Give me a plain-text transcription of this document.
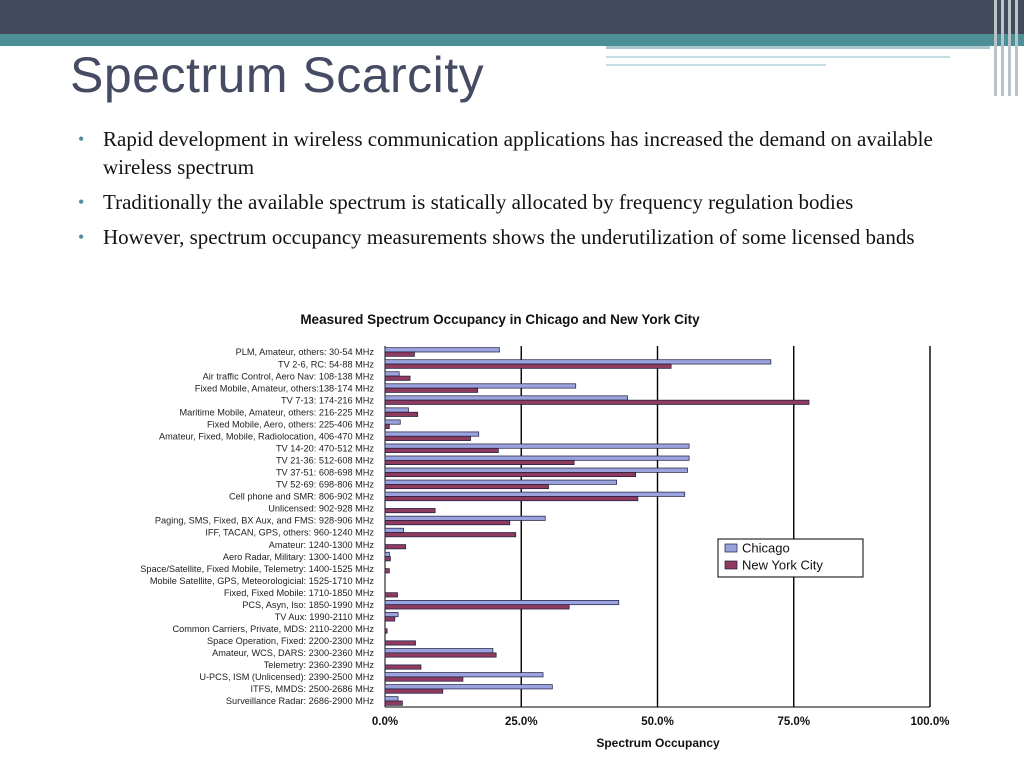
Spectrum Scarcity
• Rapid development in wireless communication applications has increased the demand on available wireless spectrum
• Traditionally the available spectrum is statically allocated by frequency regulation bodies
• However, spectrum occupancy measurements shows the underutilization of some licensed bands
Measured Spectrum Occupancy in Chicago and New York City
0.0%	25.0%	50.0%	75.0%	100.0%
Spectrum Occupancy
PLM, Amateur, others: 30-54 MHz
TV 2-6, RC: 54-88 MHz
Air traffic Control, Aero Nav: 108-138 MHz
Fixed Mobile, Amateur, others:138-174 MHz
TV 7-13: 174-216 MHz
Maritime Mobile, Amateur, others: 216-225 MHz
Fixed Mobile, Aero, others: 225-406 MHz
Amateur, Fixed, Mobile, Radiolocation, 406-470 MHz
TV 14-20: 470-512 MHz
TV 21-36: 512-608 MHz
TV 37-51: 608-698 MHz
TV 52-69: 698-806 MHz
Cell phone and SMR: 806-902 MHz
Unlicensed: 902-928 MHz
Paging, SMS, Fixed, BX Aux, and FMS: 928-906 MHz
IFF, TACAN, GPS, others: 960-1240 MHz
Amateur: 1240-1300 MHz
Aero Radar, Military: 1300-1400 MHz
Space/Satellite, Fixed Mobile, Telemetry: 1400-1525 MHz
Mobile Satellite, GPS, Meteorologicial: 1525-1710 MHz
Fixed, Fixed Mobile: 1710-1850 MHz
PCS, Asyn, Iso: 1850-1990 MHz
TV Aux: 1990-2110 MHz
Common Carriers, Private, MDS: 2110-2200 MHz
Space Operation, Fixed: 2200-2300 MHz
Amateur, WCS, DARS: 2300-2360 MHz
Telemetry: 2360-2390 MHz
U-PCS, ISM (Unlicensed): 2390-2500 MHz
ITFS, MMDS: 2500-2686 MHz
Surveillance Radar: 2686-2900 MHz
Chicago
New York City
